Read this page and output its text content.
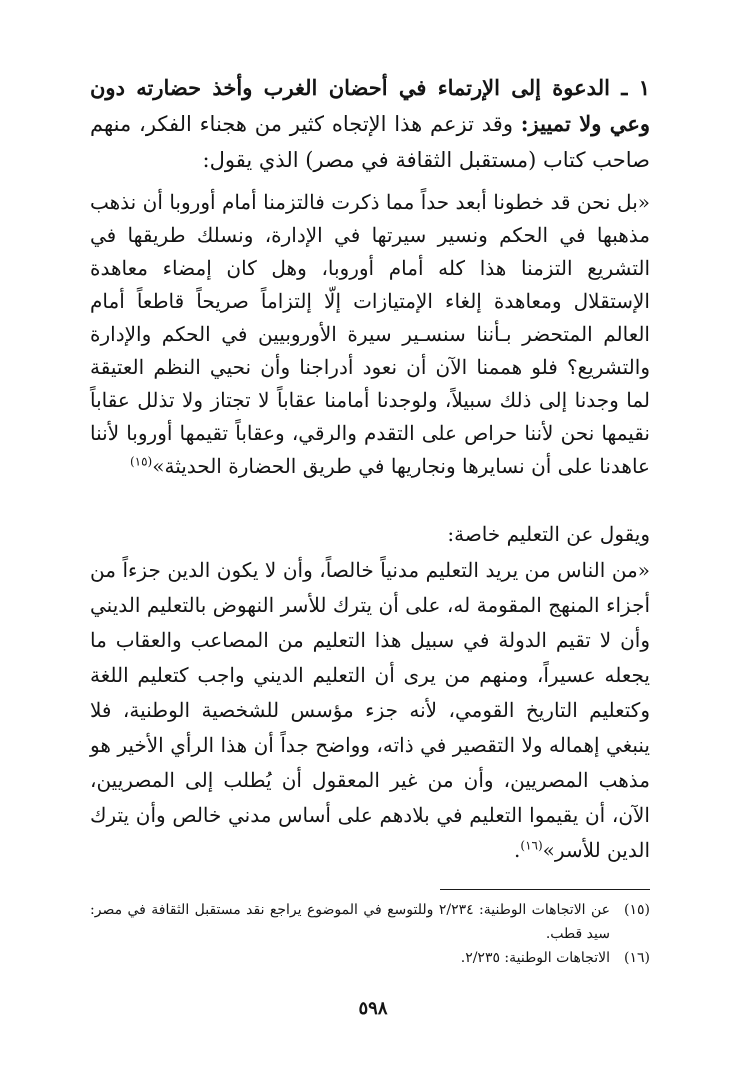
١ ـ الدعوة إلى الإرتماء في أحضان الغرب وأخذ حضارته دون وعي ولا تمييز: وقد تزعم هذا الإتجاه كثير من هجناء الفكر، منهم صاحب كتاب (مستقبل الثقافة في مصر) الذي يقول:
«بل نحن قد خطونا أبعد حداً مما ذكرت فالتزمنا أمام أوروبا أن نذهب مذهبها في الحكم ونسير سيرتها في الإدارة، ونسلك طريقها في التشريع التزمنا هذا كله أمام أوروبا، وهل كان إمضاء معاهدة الإستقلال ومعاهدة إلغاء الإمتيازات إلّا إلتزاماً صريحاً قاطعاً أمام العالم المتحضر بـأننا سنسـير سيرة الأوروبيين في الحكم والإدارة والتشريع؟ فلو هممنا الآن أن نعود أدراجنا وأن نحيي النظم العتيقة لما وجدنا إلى ذلك سبيلاً، ولوجدنا أمامنا عقاباً لا تجتاز ولا تذلل عقاباً نقيمها نحن لأننا حراص على التقدم والرقي، وعقاباً تقيمها أوروبا لأننا عاهدنا على أن نسايرها ونجاريها في طريق الحضارة الحديثة»$^{(١٥)}$
ويقول عن التعليم خاصة:
«من الناس من يريد التعليم مدنياً خالصاً، وأن لا يكون الدين جزءاً من أجزاء المنهج المقومة له، على أن يترك للأسر النهوض بالتعليم الديني وأن لا تقيم الدولة في سبيل هذا التعليم من المصاعب والعقاب ما يجعله عسيراً، ومنهم من يرى أن التعليم الديني واجب كتعليم اللغة وكتعليم التاريخ القومي، لأنه جزء مؤسس للشخصية الوطنية، فلا ينبغي إهماله ولا التقصير في ذاته، وواضح جداً أن هذا الرأي الأخير هو مذهب المصريين، وأن من غير المعقول أن يُطلب إلى المصريين، الآن، أن يقيموا التعليم في بلادهم على أساس مدني خالص وأن يترك الدين للأسر»$^{(١٦)}$.
(١٥)
عن الاتجاهات الوطنية: ٢/٢٣٤ وللتوسع في الموضوع يراجع نقد مستقبل الثقافة في مصر: سيد قطب.
(١٦)
الاتجاهات الوطنية: ٢/٢٣٥.
٥٩٨
